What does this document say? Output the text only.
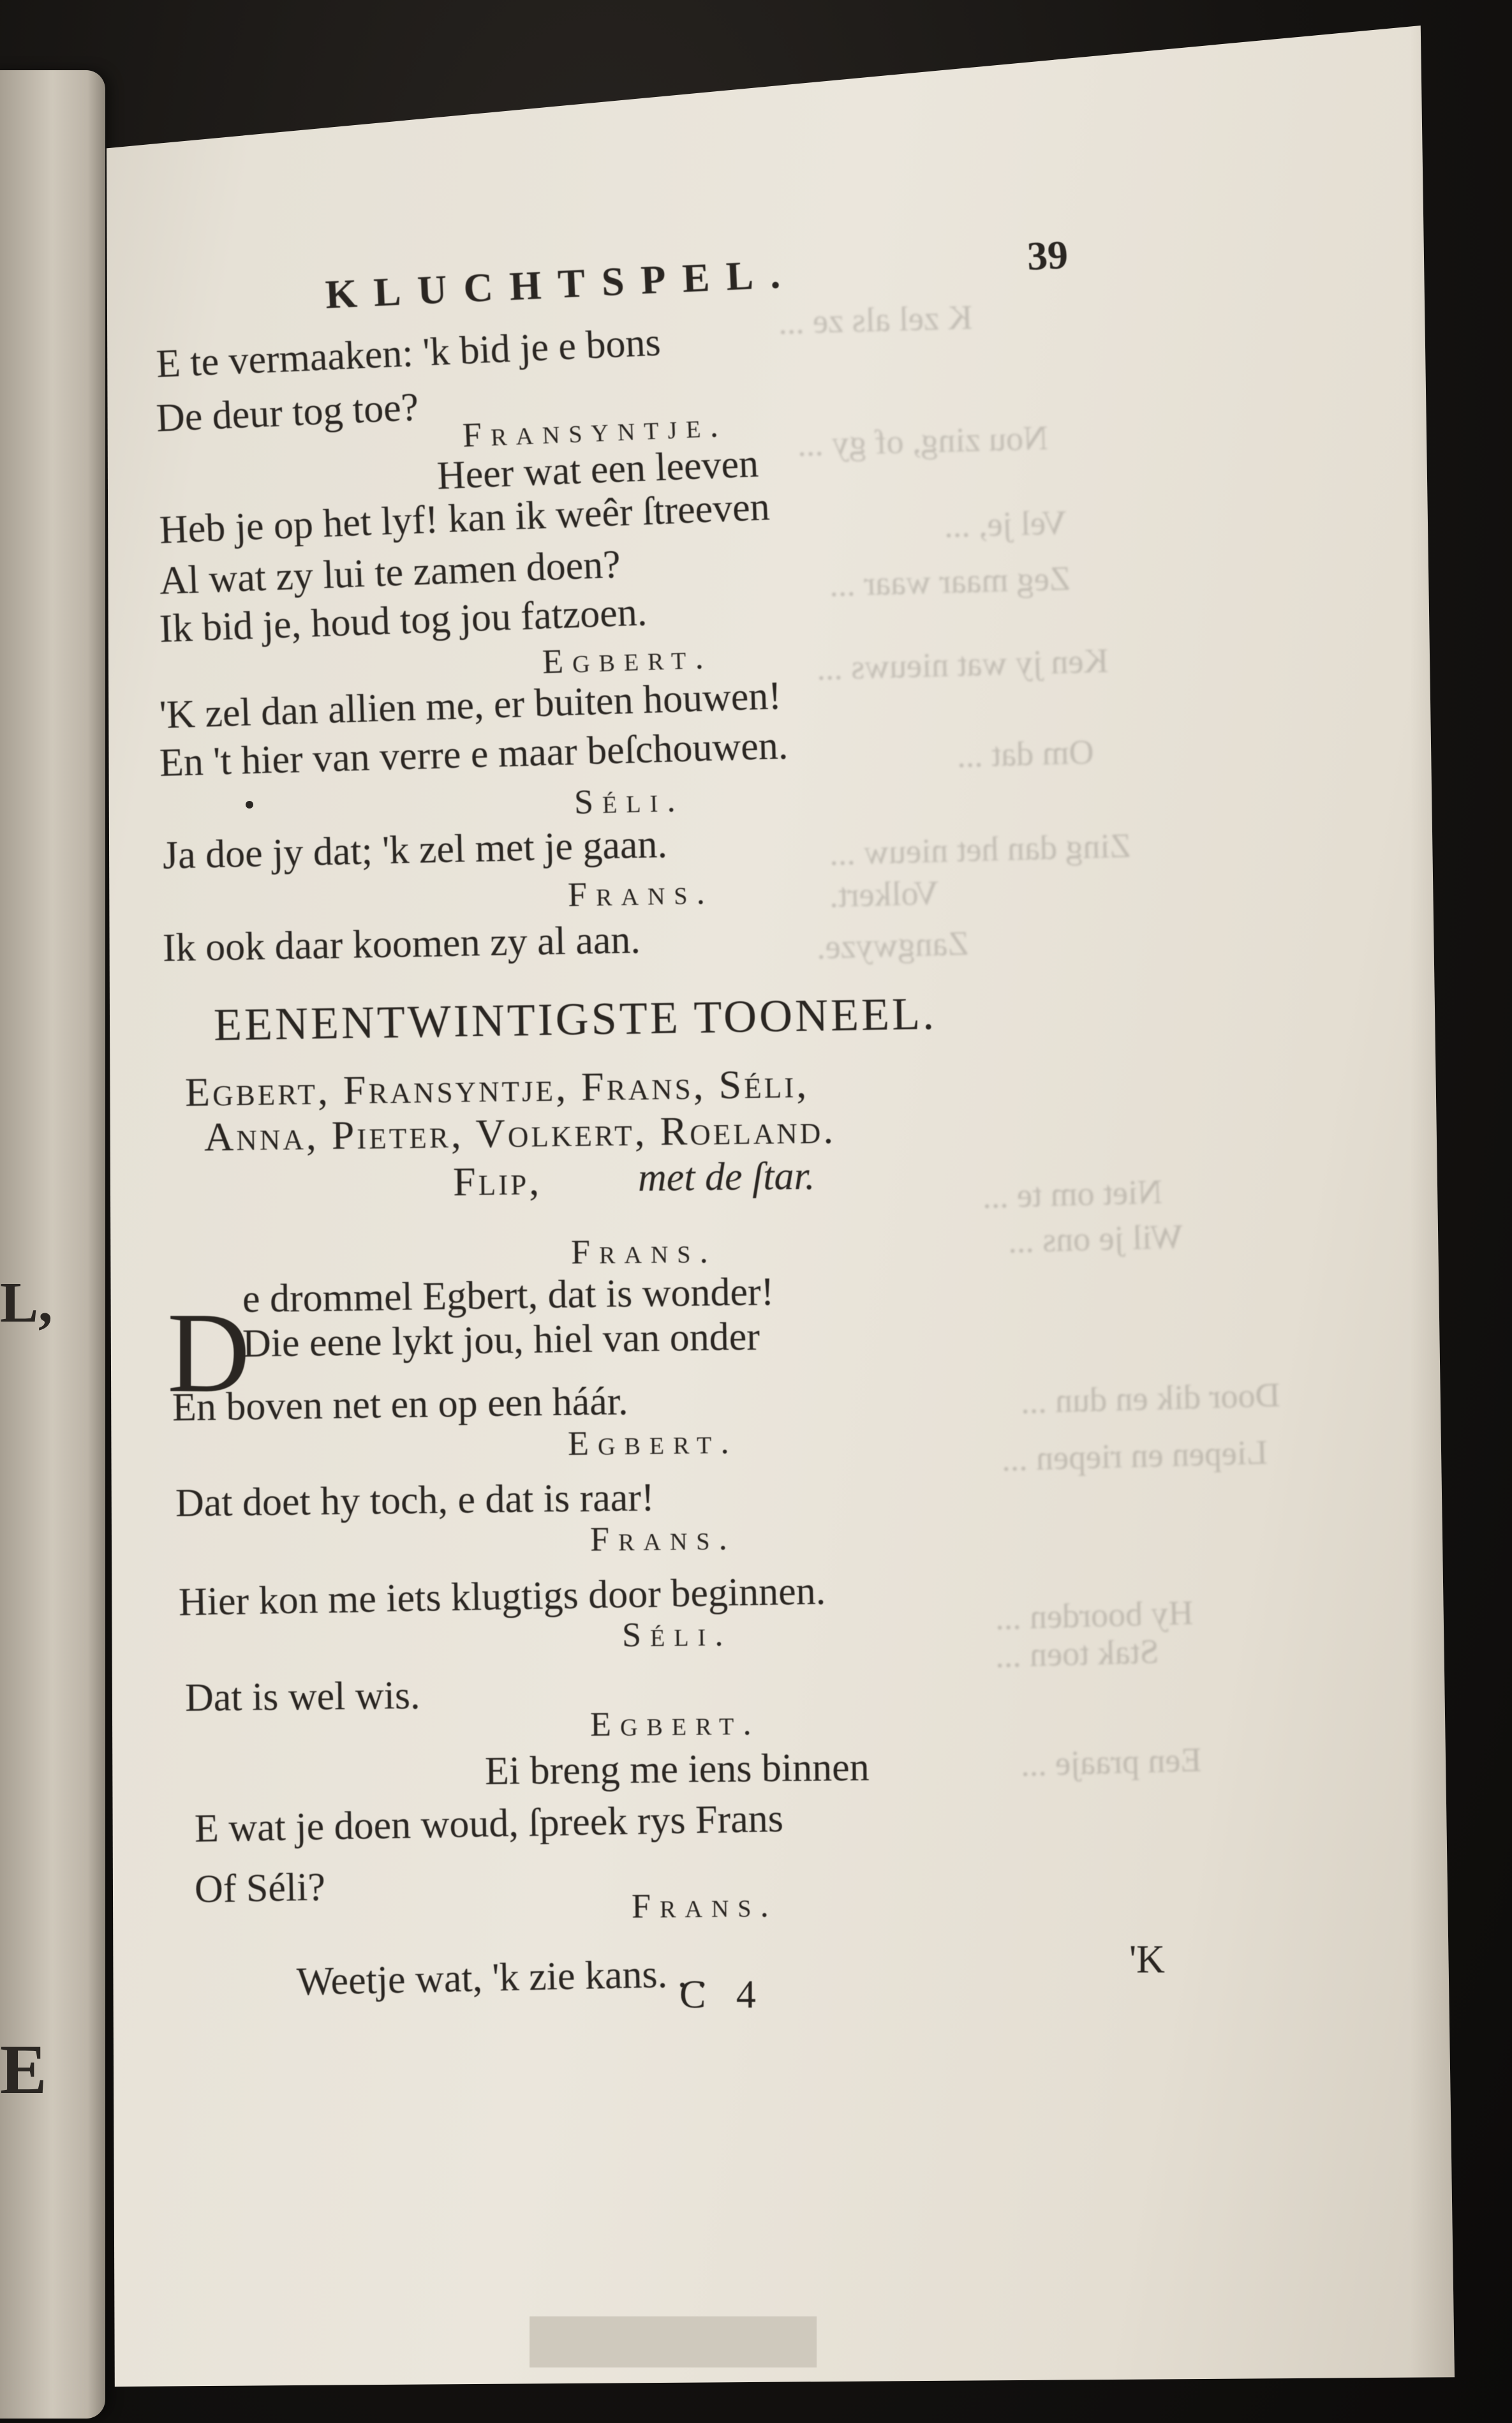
L,
E
K zel als ze ...
Nou zing, of gy ...
Vel je, ...
Zeg maar waar ...
Ken jy wat nieuws ...
Om dat ...
Zing dan het nieuw ...
Volkert.
Zangwyze.
Niet om te ...
Wil je ons ...
Door dik en dun ...
Liepen en riepen ...
Hy boorden ...
Stak toen ...
Een praaje ...
KLUCHTSPEL.	39
E te vermaaken: 'k bid je e bons
De deur tog toe? Fransyntje.
Heer wat een leeven
Heb je op het lyf! kan ik weêr ſtreeven
Al wat zy lui te zamen doen?
Ik bid je, houd tog jou fatzoen.
Egbert.
'K zel dan allien me, er buiten houwen!
En 't hier van verre e maar beſchouwen.
Séli.
Ja doe jy dat; 'k zel met je gaan.
Frans.
Ik ook daar koomen zy al aan.
EENENTWINTIGSTE TOONEEL.
Egbert, Fransyntje, Frans, Séli,
Anna, Pieter, Volkert, Roeland.
Flip, met de ſtar.
Frans.
D
e drommel Egbert, dat is wonder!
Die eene lykt jou, hiel van onder
En boven net en op een háár.
Egbert.
Dat doet hy toch, e dat is raar!
Frans.
Hier kon me iets klugtigs door beginnen.
Séli.
Dat is wel wis.
Egbert.
Ei breng me iens binnen
E wat je doen woud, ſpreek rys Frans
Of Séli?	Frans.
Weetje wat, 'k zie kans. . .	'K
C 4
